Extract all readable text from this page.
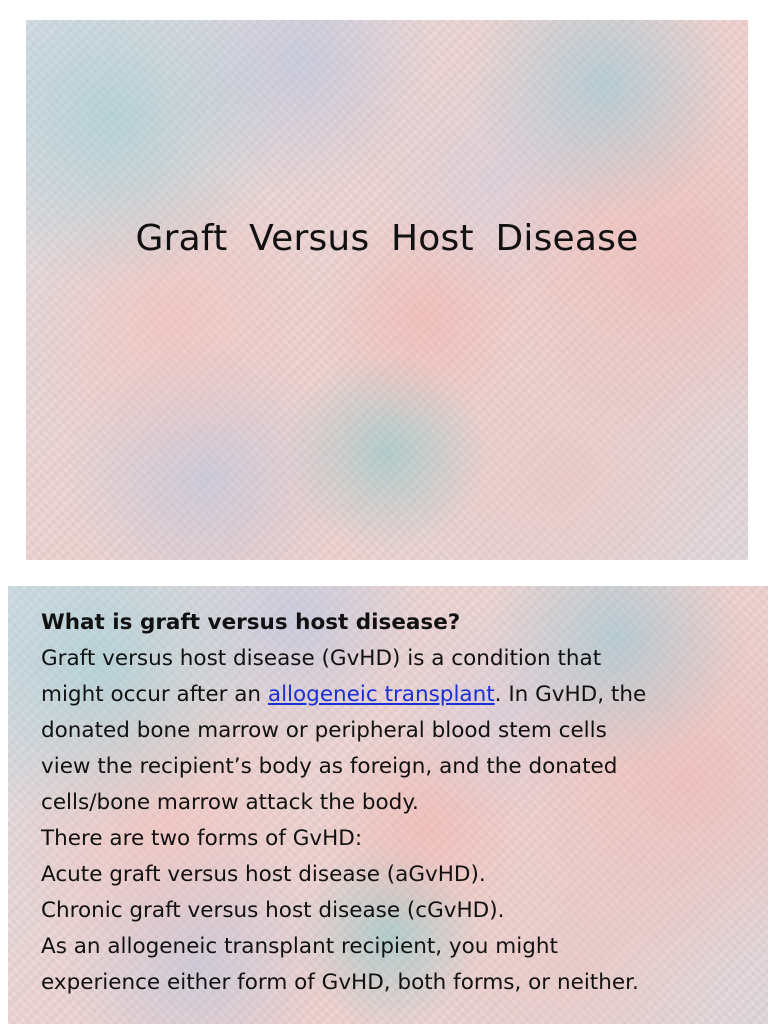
Graft Versus Host Disease
What is graft versus host disease?
Graft versus host disease (GvHD) is a condition that
might occur after an allogeneic transplant. In GvHD, the
donated bone marrow or peripheral blood stem cells
view the recipient’s body as foreign, and the donated
cells/bone marrow attack the body.
There are two forms of GvHD:
Acute graft versus host disease (aGvHD).
Chronic graft versus host disease (cGvHD).
As an allogeneic transplant recipient, you might
experience either form of GvHD, both forms, or neither.
